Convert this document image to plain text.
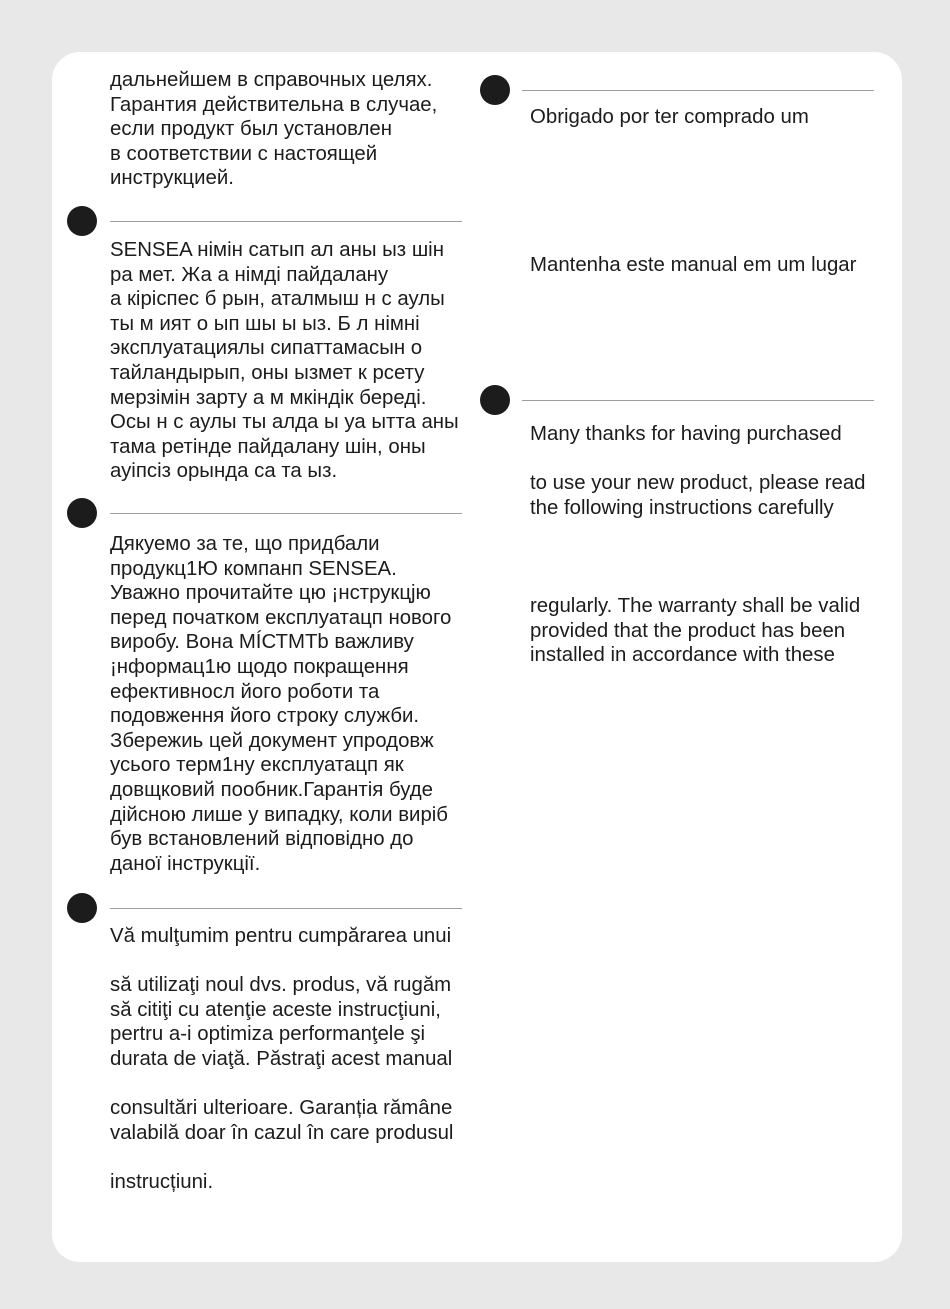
дальнейшем в справочных целях.
Гарантия действительна в случае,
если продукт был установлен
в соответствии с настоящей
инструкцией.
SENSEA німін сатып ал аны ыз шін
ра мет. Жа а німді пайдалану
а кіріспес б рын, аталмыш н с аулы
ты м ият о ып шы ы ыз. Б л німні
эксплуатациялы сипаттамасын о
тайландырып, оны ызмет к рсету
мерзімін зарту а м мкіндік береді.
Осы н с аулы ты алда ы уа ытта аны
тама ретінде пайдалану шін, оны
ауіпсіз орында са та ыз.
Дякуемо за те, що придбали
продукц1Ю компанп SENSEA.
Уважно прочитайте цю ¡нструкцjю
перед початком експлуатацп нового
виробу. Вона МÍСТМТb важливу
¡нформац1ю щодо покращення
ефективносл його роботи та
подовження його строку служби.
Збережиь цей документ упродовж
усього терм1ну експлуатацп як
довщковий пообник.Гарантія буде
дійсною лише у випадку, коли виріб
був встановлений відповідно до
даної інструкції.
Vă mulţumim pentru cumpărarea unui
să utilizaţi noul dvs. produs, vă rugăm
să citiţi cu atenţie aceste instrucţiuni,
pertru a-i optimiza performanţele şi
durata de viaţă. Păstraţi acest manual
consultări ulterioare. Garanția rămâne
valabilă doar în cazul în care produsul
instrucțiuni.
Obrigado por ter comprado um
Mantenha este manual em um lugar
Many thanks for having purchased
to use your new product, please read
the following instructions carefully
regularly. The warranty shall be valid
provided that the product has been
installed in accordance with these
